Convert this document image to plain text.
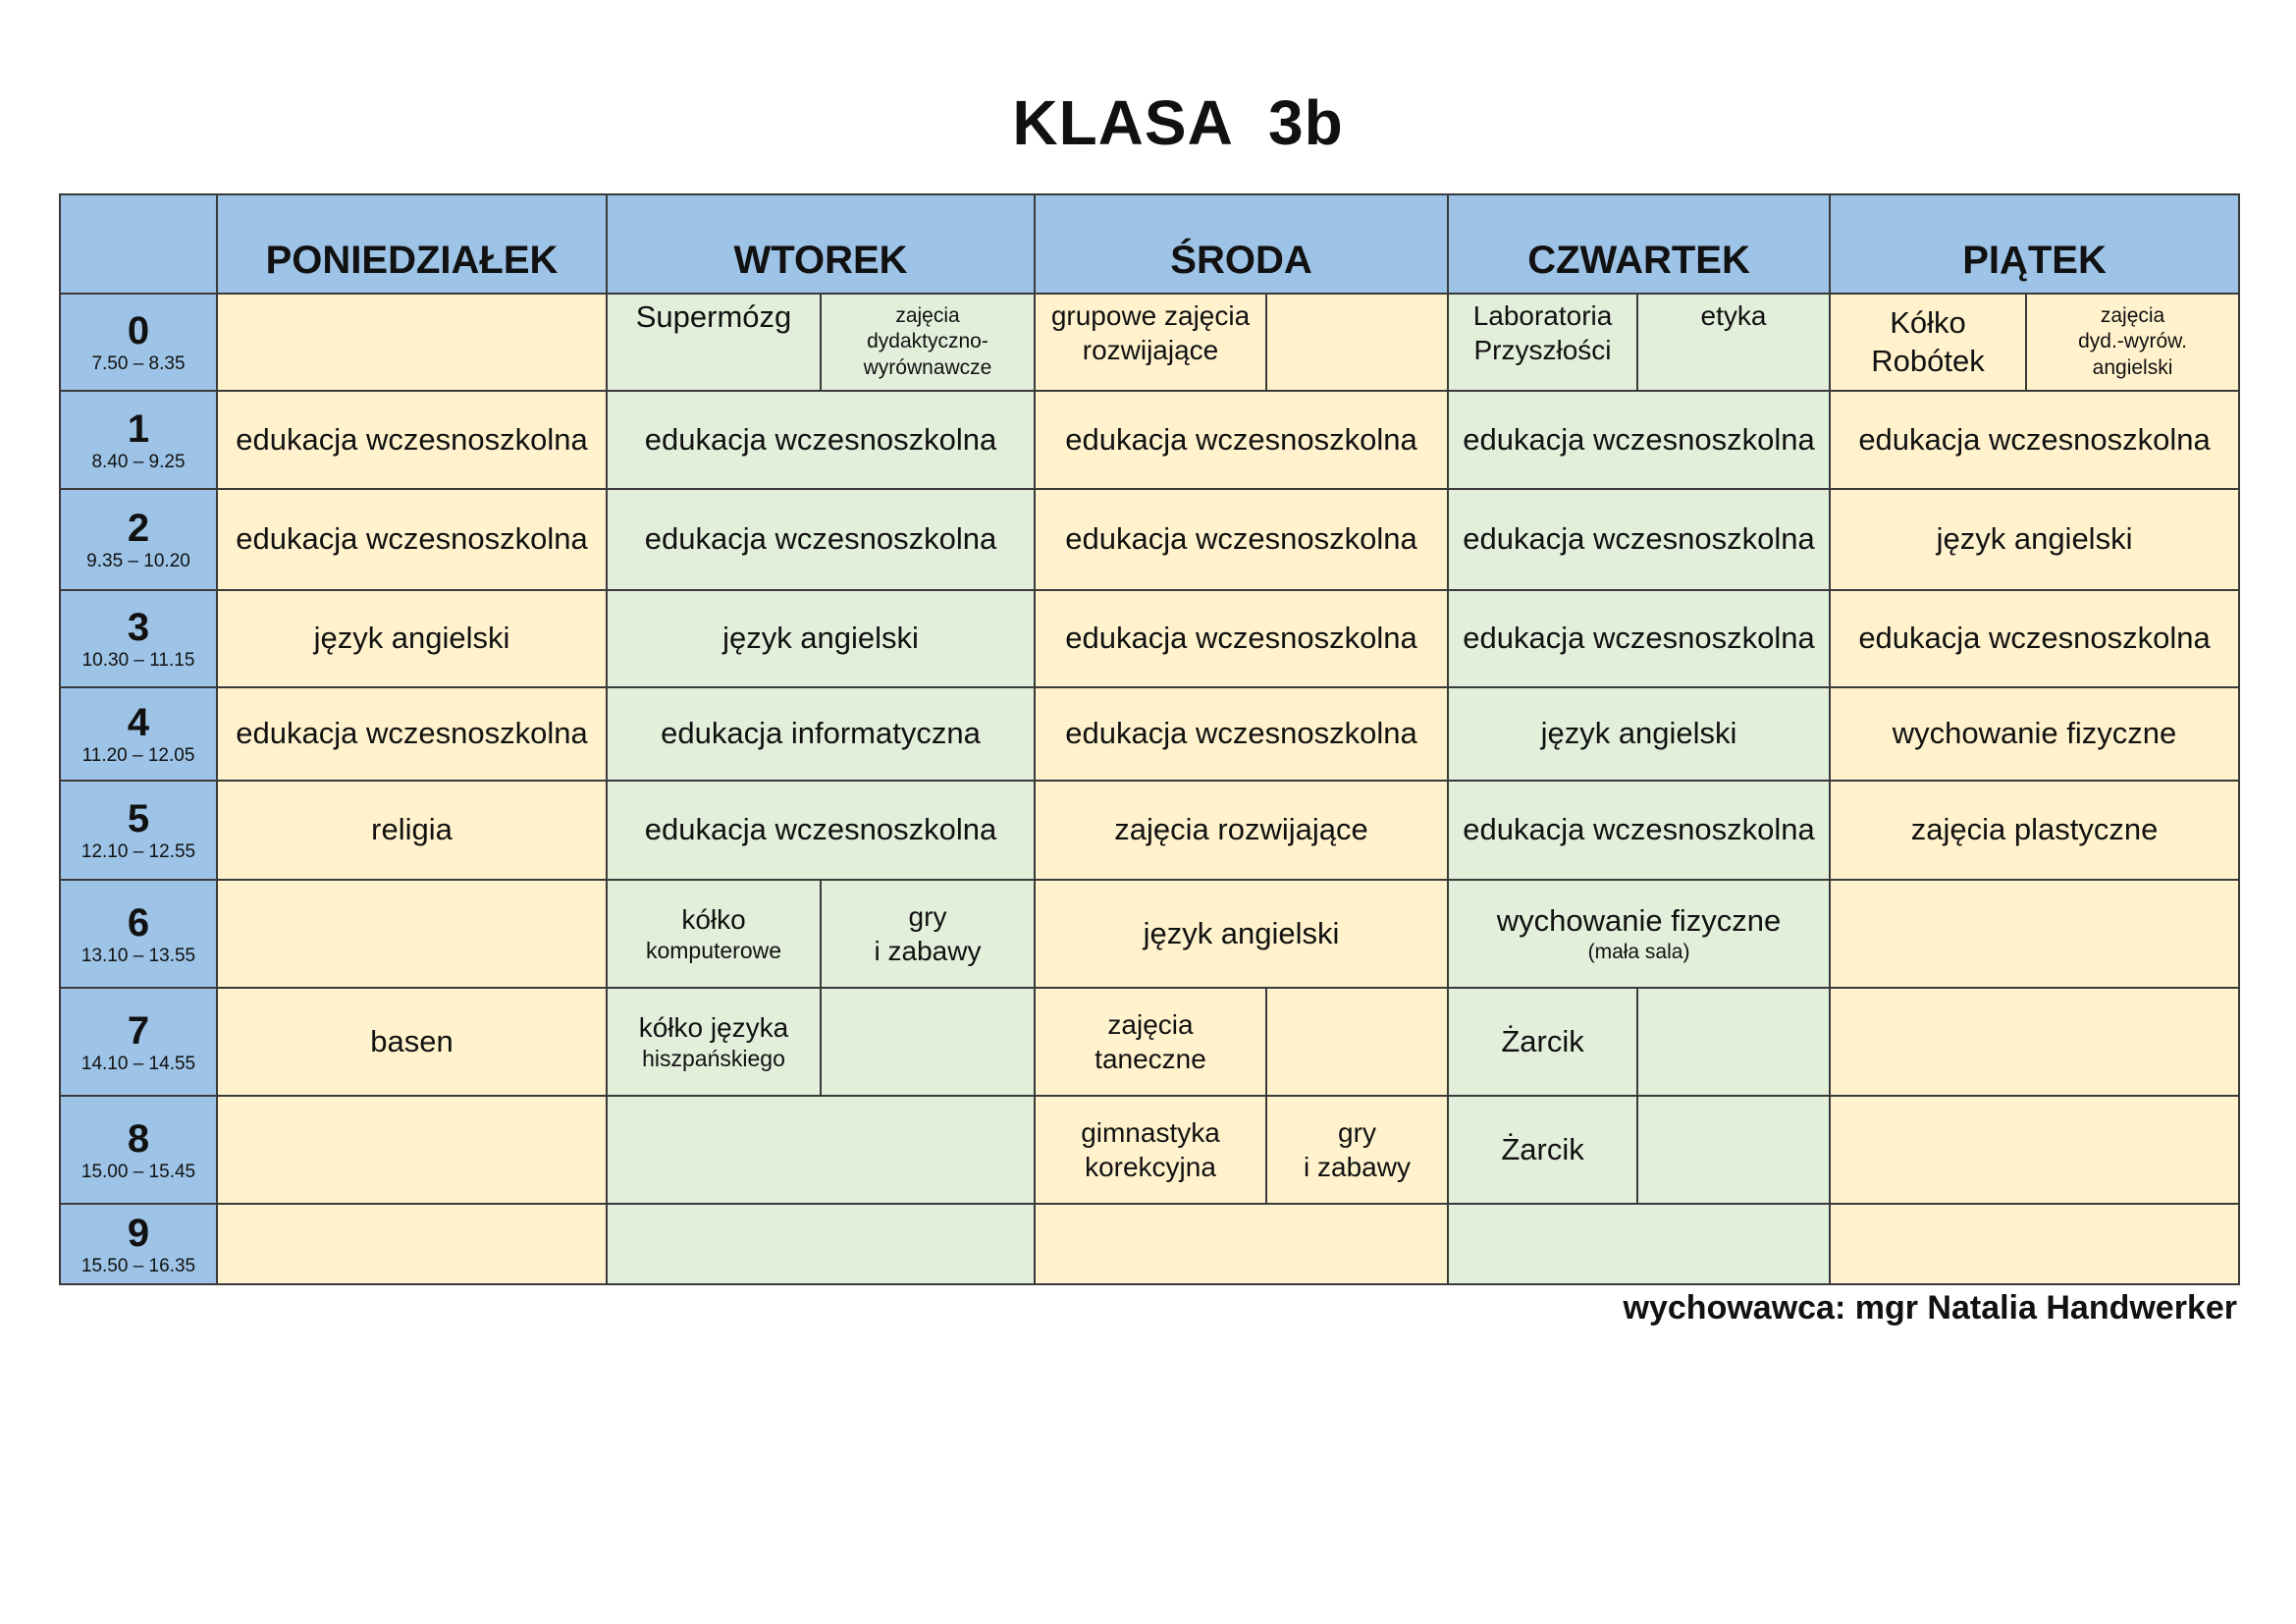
KLASA  3b
	PONIEDZIAŁEK	WTOREK		ŚRODA		CZWARTEK		PIĄTEK	

0
7.50 – 8.35		Supermózg	zajęcia
dydaktyczno-
wyrównawcze	grupowe zajęcia
rozwijające		Laboratoria
Przyszłości	etyka	Kółko
Robótek	zajęcia
dyd.-wyrów.
angielski

1
8.40 – 9.25	edukacja wczesnoszkolna	edukacja wczesnoszkolna		edukacja wczesnoszkolna		edukacja wczesnoszkolna		edukacja wczesnoszkolna	

2
9.35 – 10.20	edukacja wczesnoszkolna	edukacja wczesnoszkolna		edukacja wczesnoszkolna		edukacja wczesnoszkolna		język angielski	

3
10.30 – 11.15	język angielski	język angielski		edukacja wczesnoszkolna		edukacja wczesnoszkolna		edukacja wczesnoszkolna	

4
11.20 – 12.05	edukacja wczesnoszkolna	edukacja informatyczna		edukacja wczesnoszkolna		język angielski		wychowanie fizyczne	

5
12.10 – 12.55	religia	edukacja wczesnoszkolna		zajęcia rozwijające		edukacja wczesnoszkolna		zajęcia plastyczne	

6
13.10 – 13.55		kółko
komputerowe	gry
i zabawy	język angielski		wychowanie fizyczne
(mała sala)			

7
14.10 – 14.55	basen	kółko języka
hiszpańskiego		zajęcia
taneczne		Żarcik			

8
15.00 – 15.45				gimnastyka
korekcyjna	gry
i zabawy	Żarcik			

9
15.50 – 16.35									

wychowawca: mgr Natalia Handwerker
